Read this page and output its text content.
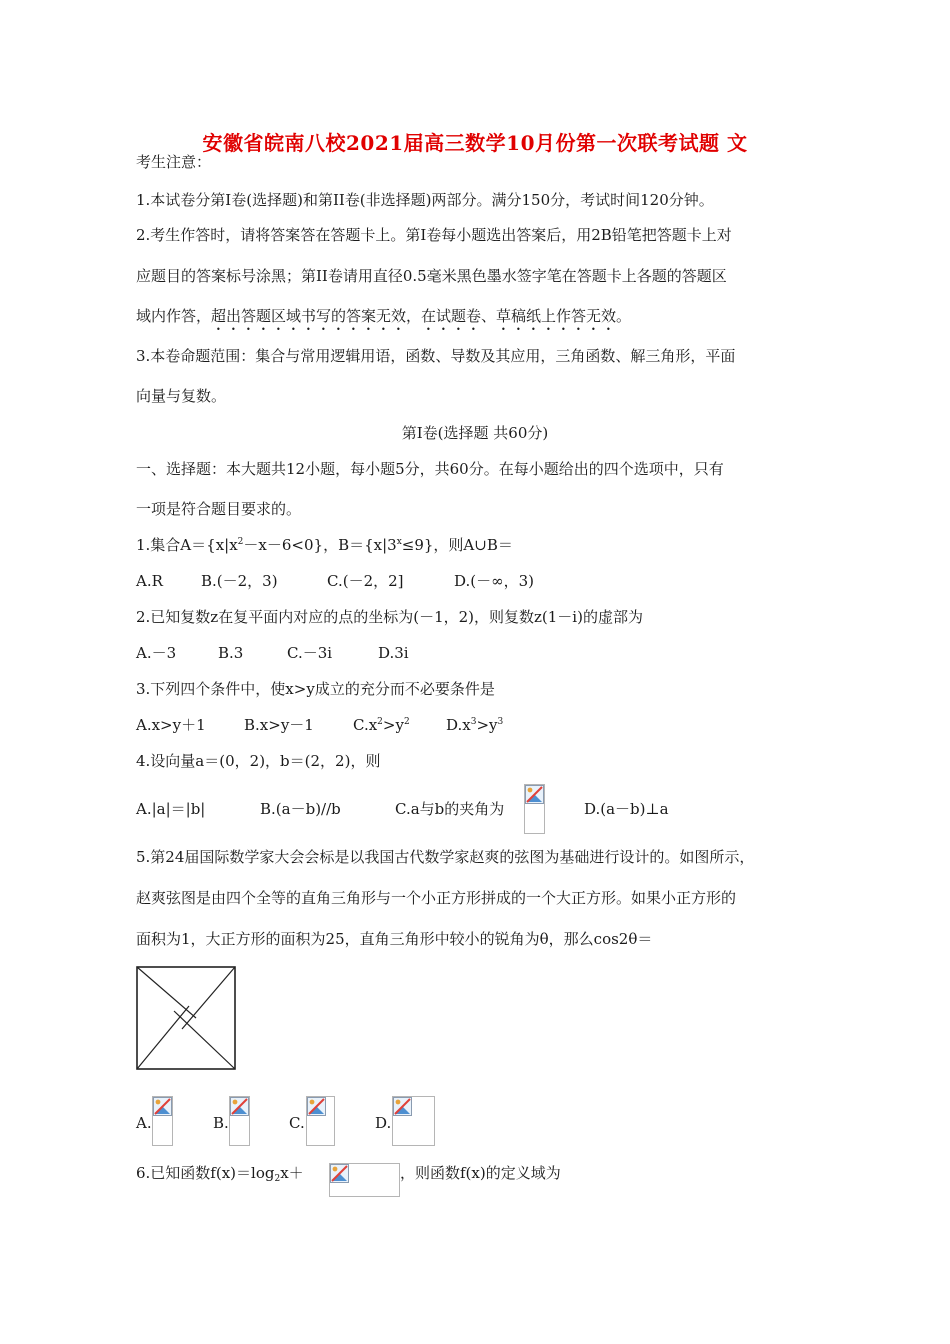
安徽省皖南八校2021届高三数学10月份第一次联考试题 文
考生注意：
1.本试卷分第Ⅰ卷(选择题)和第II卷(非选择题)两部分。满分150分，考试时间120分钟。
2.考生作答时，请将答案答在答题卡上。第Ⅰ卷每小题选出答案后，用2B铅笔把答题卡上对
应题目的答案标号涂黑；第II卷请用直径0.5毫米黑色墨水签字笔在答题卡上各题的答题区
域内作答，超出答题区域书写的答案无效，在试题卷、草稿纸上作答无效。
3.本卷命题范围：集合与常用逻辑用语，函数、导数及其应用，三角函数、解三角形，平面
向量与复数。
第Ⅰ卷(选择题 共60分)
一、选择题：本大题共12小题，每小题5分，共60分。在每小题给出的四个选项中，只有
一项是符合题目要求的。
1.集合$A=\{x|x^2-x-6<0\}$，$B=\{x|3^x\le 9\}$，则A∪B＝
A.R	B.(－2，3)	C.(－2，2]	D.(－∞，3)
2.已知复数z在复平面内对应的点的坐标为(－1，2)，则复数z(1－i)的虚部为
A.－3	B.3	C.－3i	D.3i
3.下列四个条件中，使x>y成立的充分而不必要条件是
A.x>y＋1	B.x>y－1	$C.x^2>y^2$ $D.x^3>y^3$
4.设向量a＝(0，2)，b＝(2，2)，则
A.|a|＝|b|	B.(a－b)//b	C.a与b的夹角为	D.(a－b)⊥a
5.第24届国际数学家大会会标是以我国古代数学家赵爽的弦图为基础进行设计的。如图所示，
赵爽弦图是由四个全等的直角三角形与一个小正方形拼成的一个大正方形。如果小正方形的
面积为1，大正方形的面积为25，直角三角形中较小的锐角为θ，那么cos2θ＝
A.	B.	C.	D.
6.已知函数$f(x)=\log_2x+$	，则函数f(x)的定义域为
